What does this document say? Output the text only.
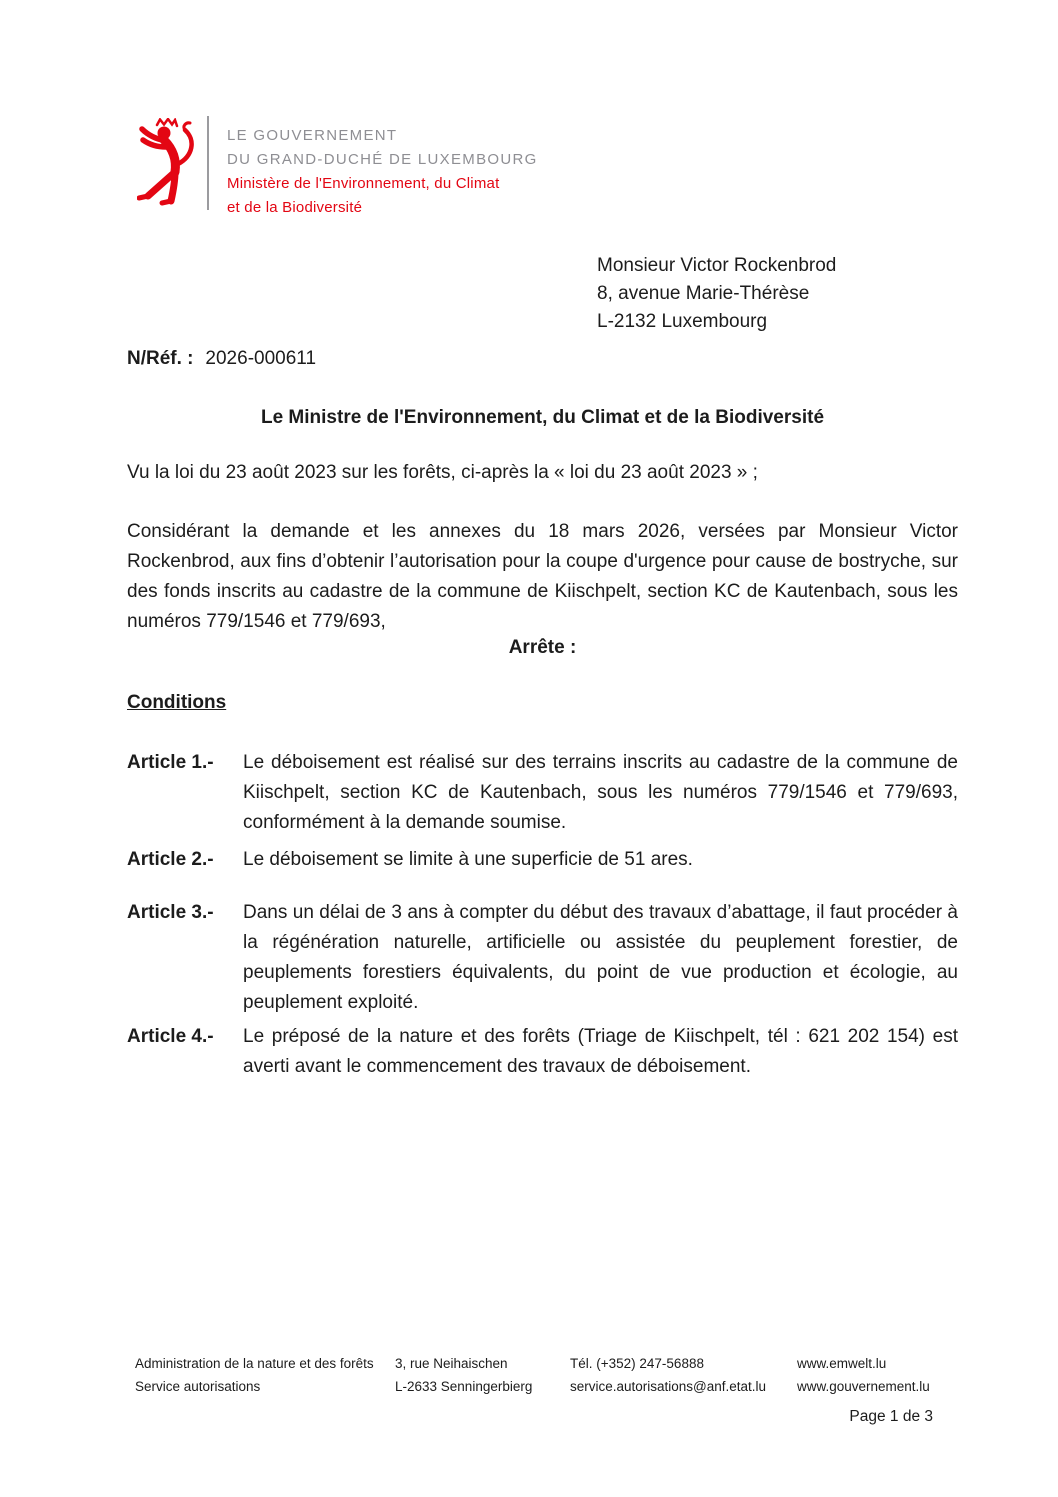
LE GOUVERNEMENT
DU GRAND-DUCHÉ DE LUXEMBOURG
Ministère de l'Environnement, du Climat
et de la Biodiversité
Monsieur Victor Rockenbrod
8, avenue Marie-Thérèse
L-2132 Luxembourg
N/Réf. : 2026-000611
Le Ministre de l'Environnement, du Climat et de la Biodiversité
Vu la loi du 23 août 2023 sur les forêts, ci-après la « loi du 23 août 2023 » ;
Considérant la demande et les annexes du 18 mars 2026, versées par Monsieur Victor Rockenbrod, aux fins d’obtenir l’autorisation pour la coupe d'urgence pour cause de bostryche, sur des fonds inscrits au cadastre de la commune de Kiischpelt, section KC de Kautenbach, sous les numéros 779/1546 et 779/693,
Arrête :
Conditions
Article 1.-	Le déboisement est réalisé sur des terrains inscrits au cadastre de la commune de Kiischpelt, section KC de Kautenbach, sous les numéros 779/1546 et 779/693, conformément à la demande soumise.
Article 2.-	Le déboisement se limite à une superficie de 51 ares.
Article 3.-	Dans un délai de 3 ans à compter du début des travaux d’abattage, il faut procéder à la régénération naturelle, artificielle ou assistée du peuplement forestier, de peuplements forestiers équivalents, du point de vue production et écologie, au peuplement exploité.
Article 4.-	Le préposé de la nature et des forêts (Triage de Kiischpelt, tél : 621 202 154) est averti avant le commencement des travaux de déboisement.
Administration de la nature et des forêts
Service autorisations
3, rue Neihaischen
L-2633 Senningerbierg
Tél. (+352) 247-56888
service.autorisations@anf.etat.lu
www.emwelt.lu
www.gouvernement.lu
Page 1 de 3
